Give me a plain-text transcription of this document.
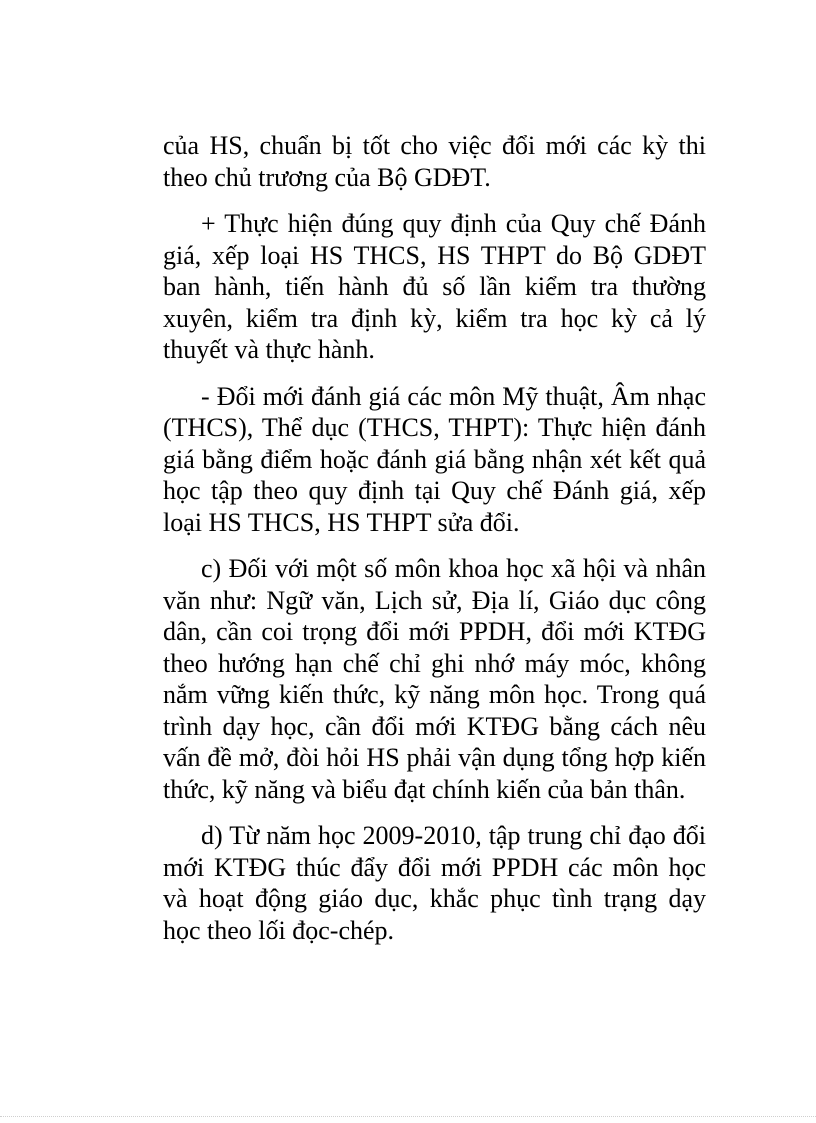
của HS, chuẩn bị tốt cho việc đổi mới các kỳ thi theo chủ trương của Bộ GDĐT.

+ Thực hiện đúng quy định của Quy chế Đánh giá, xếp loại HS THCS, HS THPT do Bộ GDĐT ban hành, tiến hành đủ số lần kiểm tra thường xuyên, kiểm tra định kỳ, kiểm tra học kỳ cả lý thuyết và thực hành.

- Đổi mới đánh giá các môn Mỹ thuật, Âm nhạc (THCS), Thể dục (THCS, THPT): Thực hiện đánh giá bằng điểm hoặc đánh giá bằng nhận xét kết quả học tập theo quy định tại Quy chế Đánh giá, xếp loại HS THCS, HS THPT sửa đổi.

c) Đối với một số môn khoa học xã hội và nhân văn như: Ngữ văn, Lịch sử, Địa lí, Giáo dục công dân, cần coi trọng đổi mới PPDH, đổi mới KTĐG theo hướng hạn chế chỉ ghi nhớ máy móc, không nắm vững kiến thức, kỹ năng môn học. Trong quá trình dạy học, cần đổi mới KTĐG bằng cách nêu vấn đề mở, đòi hỏi HS phải vận dụng tổng hợp kiến thức, kỹ năng và biểu đạt chính kiến của bản thân.

d) Từ năm học 2009-2010, tập trung chỉ đạo đổi mới KTĐG thúc đẩy đổi mới PPDH các môn học và hoạt động giáo dục, khắc phục tình trạng dạy học theo lối đọc-chép.
